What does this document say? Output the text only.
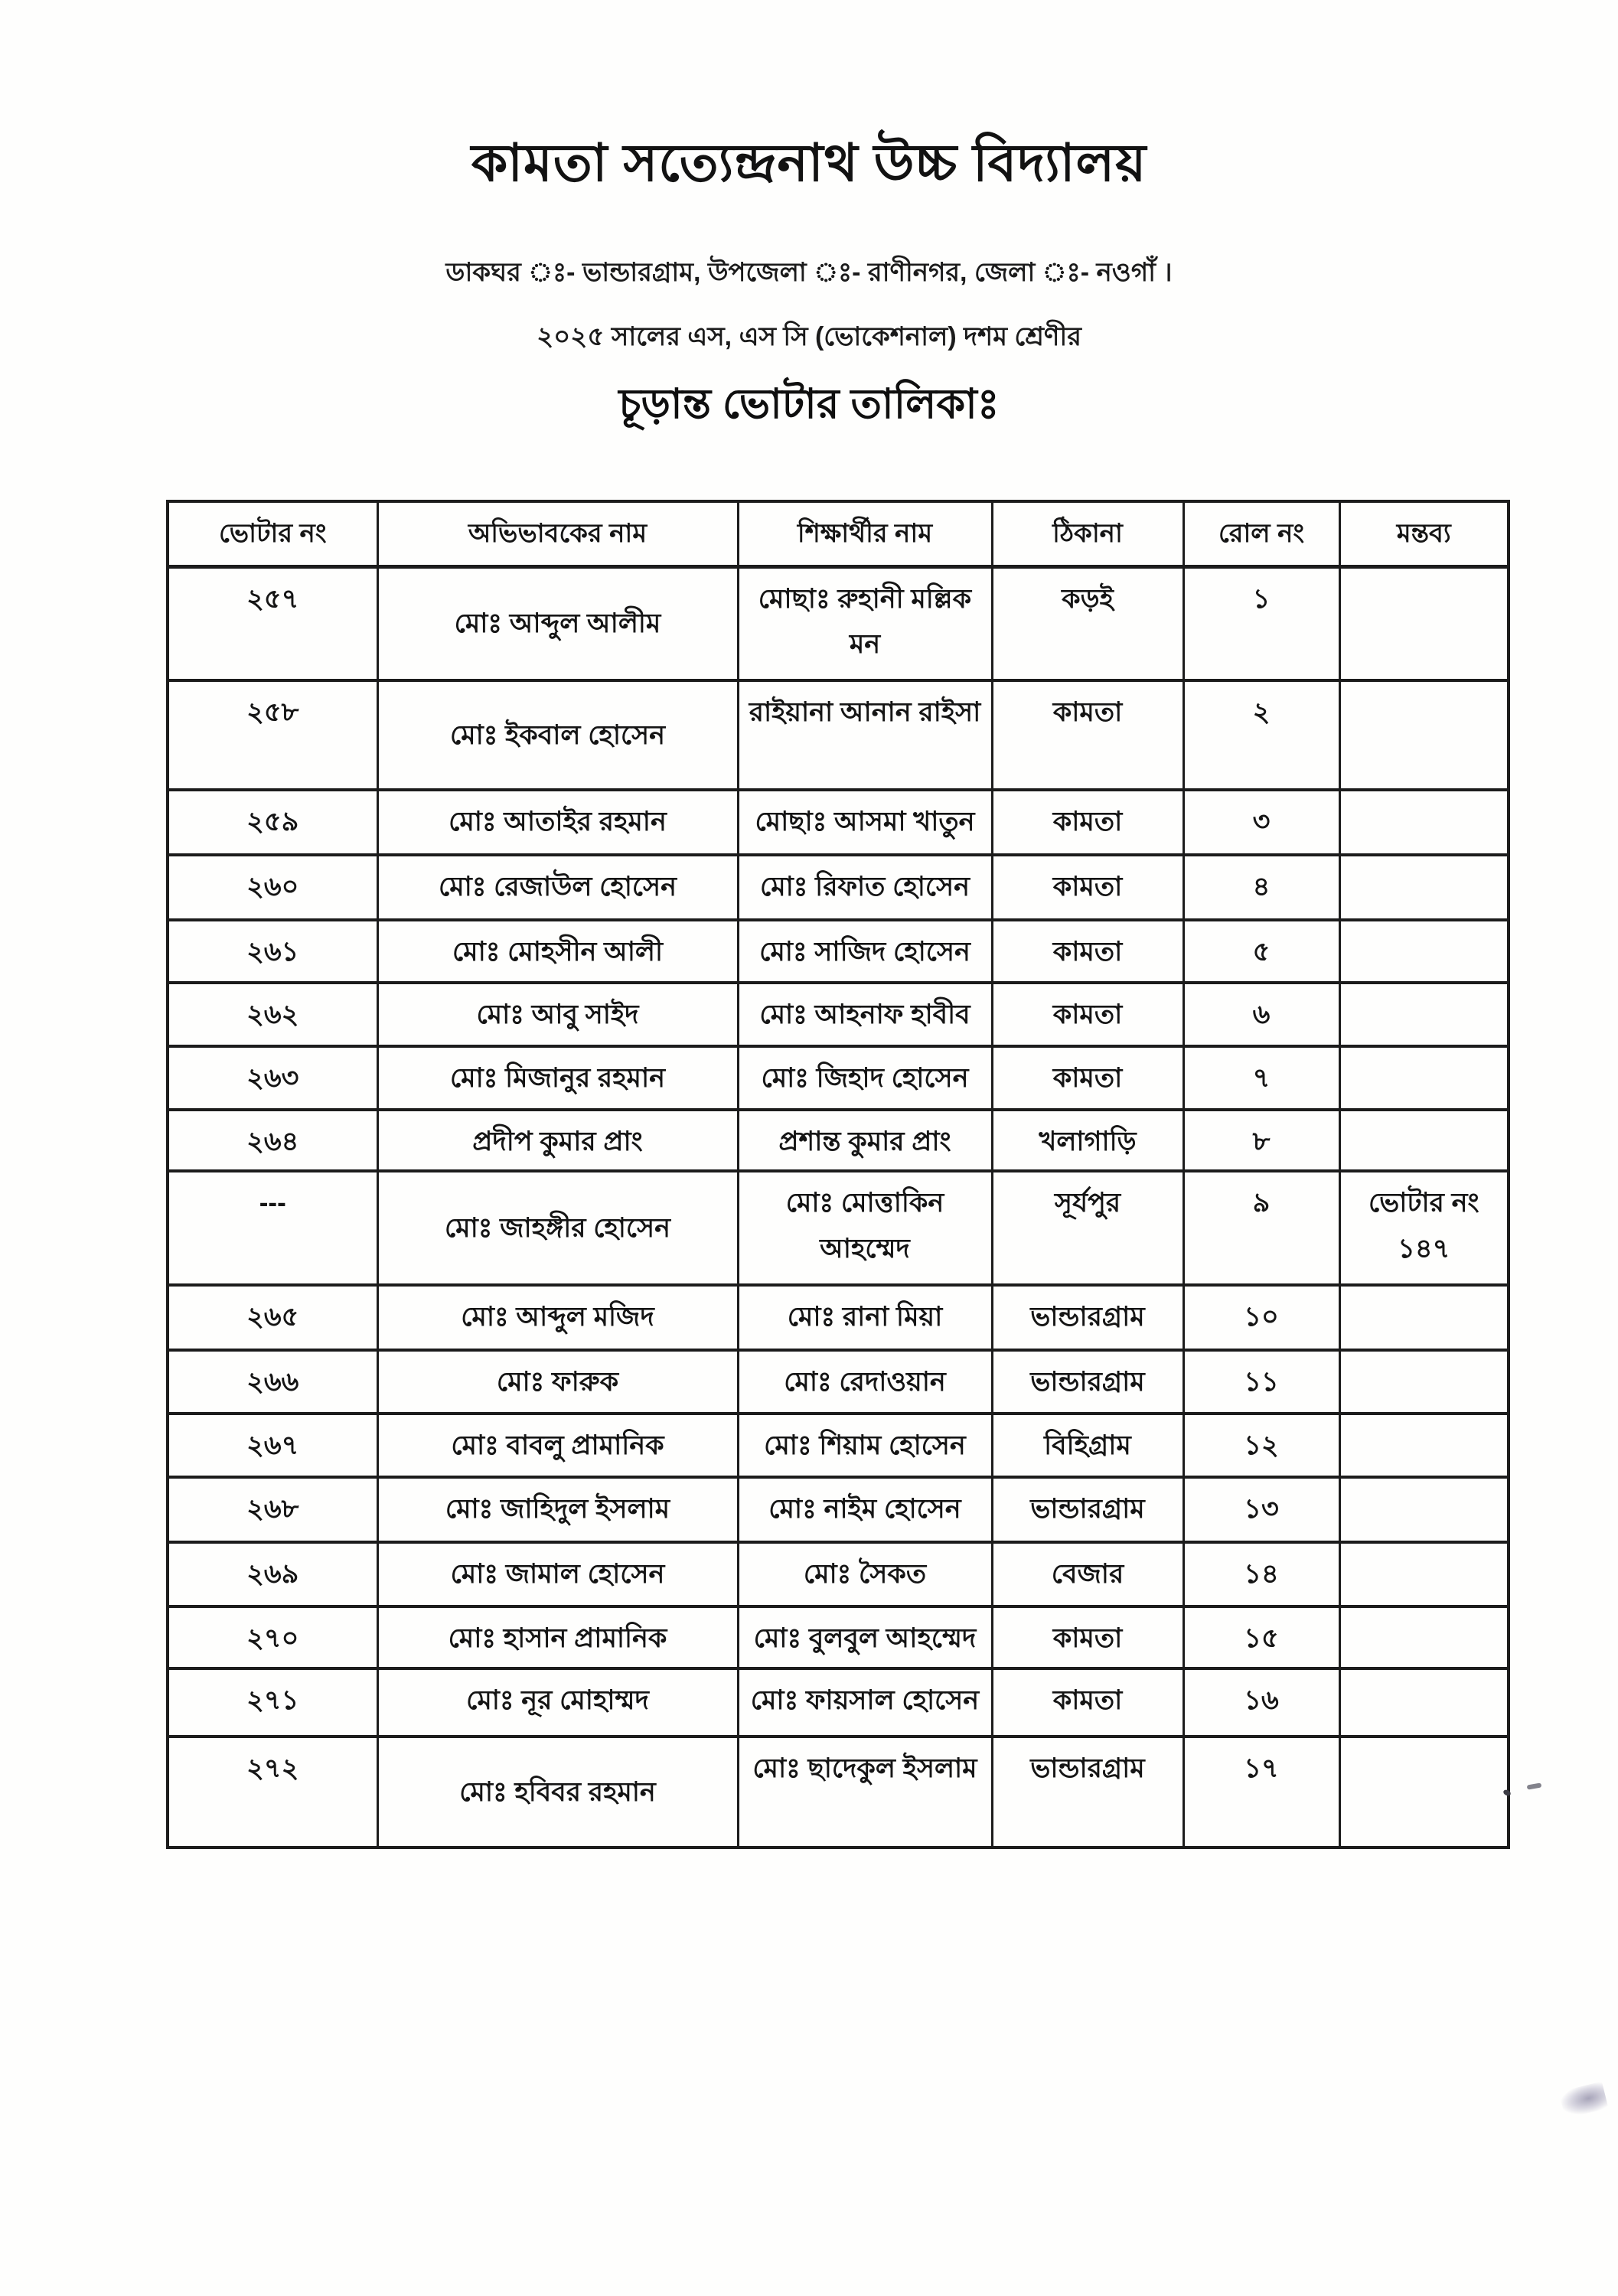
কামতা সত্যেন্দ্রনাথ উচ্চ বিদ্যালয়
ডাকঘর ঃ- ভান্ডারগ্রাম, উপজেলা ঃ- রাণীনগর, জেলা ঃ- নওগাঁ ।
২০২৫ সালের এস, এস সি (ভোকেশনাল) দশম শ্রেণীর
চূড়ান্ত ভোটার তালিকাঃ
ভোটার নং	অভিভাবকের নাম	শিক্ষার্থীর নাম	ঠিকানা	রোল নং	মন্তব্য
২৫৭	মোঃ আব্দুল আলীম	মোছাঃ রুহানী মল্লিক মন	কড়ই	১	
২৫৮	মোঃ ইকবাল হোসেন	রাইয়ানা আনান রাইসা	কামতা	২	
২৫৯	মোঃ আতাইর রহমান	মোছাঃ আসমা খাতুন	কামতা	৩	
২৬০	মোঃ রেজাউল হোসেন	মোঃ রিফাত হোসেন	কামতা	৪	
২৬১	মোঃ মোহসীন আলী	মোঃ সাজিদ হোসেন	কামতা	৫	
২৬২	মোঃ আবু সাইদ	মোঃ আহনাফ হাবীব	কামতা	৬	
২৬৩	মোঃ মিজানুর রহমান	মোঃ জিহাদ হোসেন	কামতা	৭	
২৬৪	প্রদীপ কুমার প্রাং	প্রশান্ত কুমার প্রাং	খলাগাড়ি	৮	
---	মোঃ জাহঙ্গীর হোসেন	মোঃ মোত্তাকিন আহম্মেদ	সূর্যপুর	৯	ভোটার নং ১৪৭
২৬৫	মোঃ আব্দুল মজিদ	মোঃ রানা মিয়া	ভান্ডারগ্রাম	১০	
২৬৬	মোঃ ফারুক	মোঃ রেদাওয়ান	ভান্ডারগ্রাম	১১	
২৬৭	মোঃ বাবলু প্রামানিক	মোঃ শিয়াম হোসেন	বিহিগ্রাম	১২	
২৬৮	মোঃ জাহিদুল ইসলাম	মোঃ নাইম হোসেন	ভান্ডারগ্রাম	১৩	
২৬৯	মোঃ জামাল হোসেন	মোঃ সৈকত	বেজার	১৪	
২৭০	মোঃ হাসান প্রামানিক	মোঃ বুলবুল আহম্মেদ	কামতা	১৫	
২৭১	মোঃ নূর মোহাম্মদ	মোঃ ফায়সাল হোসেন	কামতা	১৬	
২৭২	মোঃ হবিবর রহমান	মোঃ ছাদেকুল ইসলাম	ভান্ডারগ্রাম	১৭	
